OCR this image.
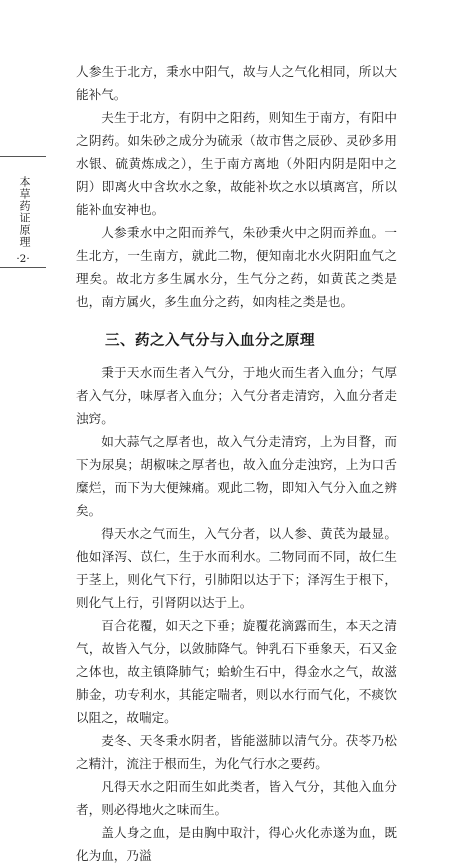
本草药证原理
·2·

人参生于北方，秉水中阳气，故与人之气化相同，所以大能补气。

夫生于北方，有阴中之阳药，则知生于南方，有阳中之阴药。如朱砂之成分为硫汞（故市售之辰砂、灵砂多用水银、硫黄炼成之），生于南方离地（外阳内阴是阳中之阴）即离火中含坎水之象，故能补坎之水以填离宫，所以能补血安神也。

人参秉水中之阳而养气，朱砂秉火中之阴而养血。一生北方，一生南方，就此二物，便知南北水火阴阳血气之理矣。故北方多生属水分，生气分之药，如黄芪之类是也，南方属火，多生血分之药，如肉桂之类是也。

三、药之入气分与入血分之原理

秉于天水而生者入气分，于地火而生者入血分；气厚者入气分，味厚者入血分；入气分者走清窍，入血分者走浊窍。

如大蒜气之厚者也，故入气分走清窍，上为目瞀，而下为尿臭；胡椒味之厚者也，故入血分走浊窍，上为口舌糜烂，而下为大便辣痛。观此二物，即知入气分入血之辨矣。

得天水之气而生，入气分者，以人参、黄芪为最显。他如泽泻、苡仁，生于水而利水。二物同而不同，故仁生于茎上，则化气下行，引肺阳以达于下；泽泻生于根下，则化气上行，引肾阴以达于上。

百合花覆，如天之下垂；旋覆花滴露而生，本天之清气，故皆入气分，以敛肺降气。钟乳石下垂象天，石又金之体也，故主镇降肺气；蛤蚧生石中，得金水之气，故滋肺金，功专利水，其能定喘者，则以水行而气化，不痰饮以阻之，故喘定。

麦冬、天冬秉水阴者，皆能滋肺以清气分。茯苓乃松之精汁，流注于根而生，为化气行水之要药。

凡得天水之阳而生如此类者，皆入气分，其他入血分者，则必得地火之味而生。

盖人身之血，是由胸中取汁，得心火化赤遂为血，既化为血，乃溢
